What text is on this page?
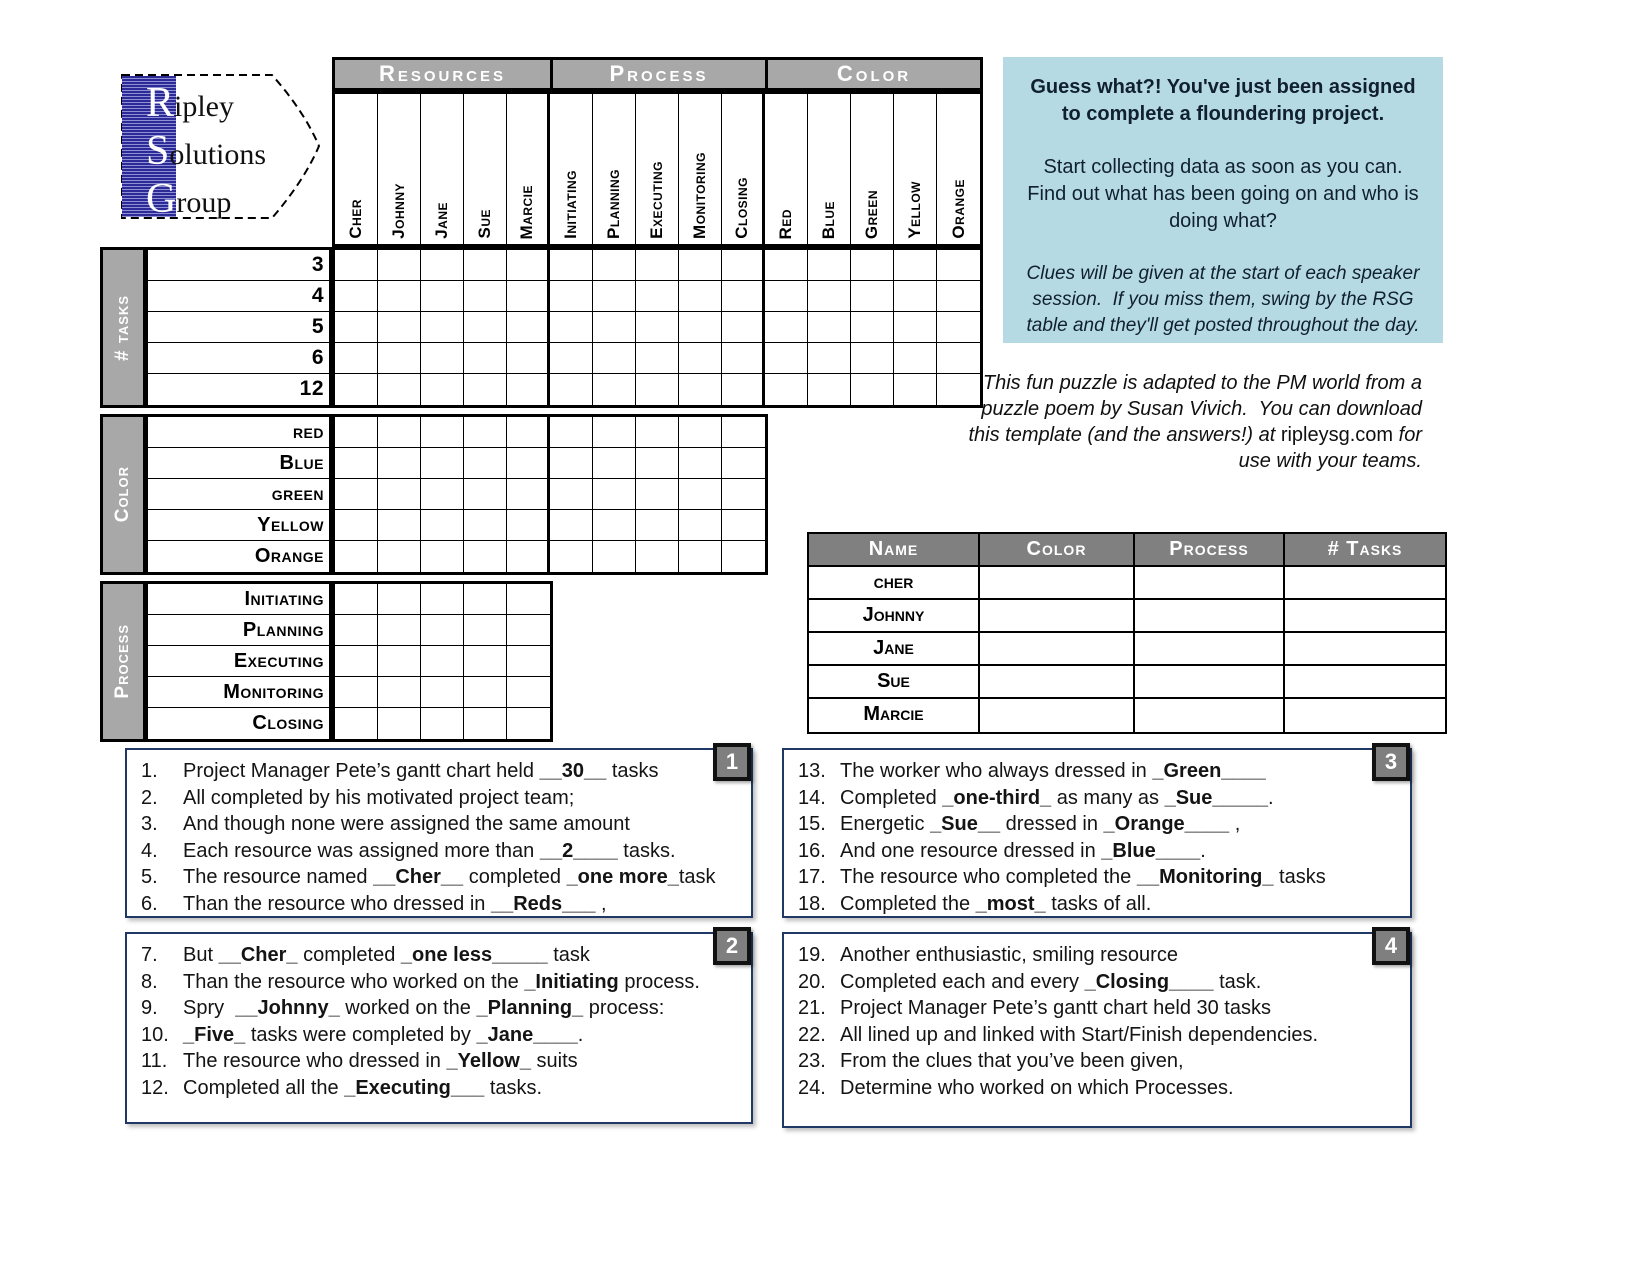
Ripley
Solutions
Group
Resources	Process	Color
Cher Johnny Jane Sue Marcie Initiating Planning Executing Monitoring Closing Red Blue Green Yellow Orange
# tasks
Color
Process
3
4
5
6
12
red
Blue
green
Yellow
Orange
Initiating
Planning
Executing
Monitoring
Closing
Guess what?! You've just been assigned to complete a floundering project.
Start collecting data as soon as you can.  Find out what has been going on and who is doing what?
Clues will be given at the start of each speaker session.  If you miss them, swing by the RSG table and they'll get posted throughout the day.
This fun puzzle is adapted to the PM world from a puzzle poem by Susan Vivich.  You can download this template (and the answers!) at ripleysg.com for use with your teams.
Name	Color	Process	# Tasks
cher
Johnny
Jane
Sue
Marcie
1
1.	Project Manager Pete’s gantt chart held __30__ tasks
2.	All completed by his motivated project team;
3.	And though none were assigned the same amount
4.	Each resource was assigned more than __2____ tasks.
5.	The resource named __Cher__ completed _one more_task
6.	Than the resource who dressed in __Reds___ ,
2
7.	But __Cher_ completed _one less_____ task
8.	Than the resource who worked on the _Initiating process.
9.	Spry  __Johnny_ worked on the _Planning_ process:
10. _Five_ tasks were completed by _Jane____.
11. The resource who dressed in _Yellow_ suits
12. Completed all the _Executing___ tasks.
3
13. The worker who always dressed in _Green____
14. Completed _one-third_ as many as _Sue_____.
15. Energetic _Sue__ dressed in _Orange____ ,
16. And one resource dressed in _Blue____.
17. The resource who completed the __Monitoring_ tasks
18. Completed the _most_ tasks of all.
4
19. Another enthusiastic, smiling resource
20. Completed each and every _Closing____ task.
21. Project Manager Pete’s gantt chart held 30 tasks
22. All lined up and linked with Start/Finish dependencies.
23. From the clues that you’ve been given,
24. Determine who worked on which Processes.
